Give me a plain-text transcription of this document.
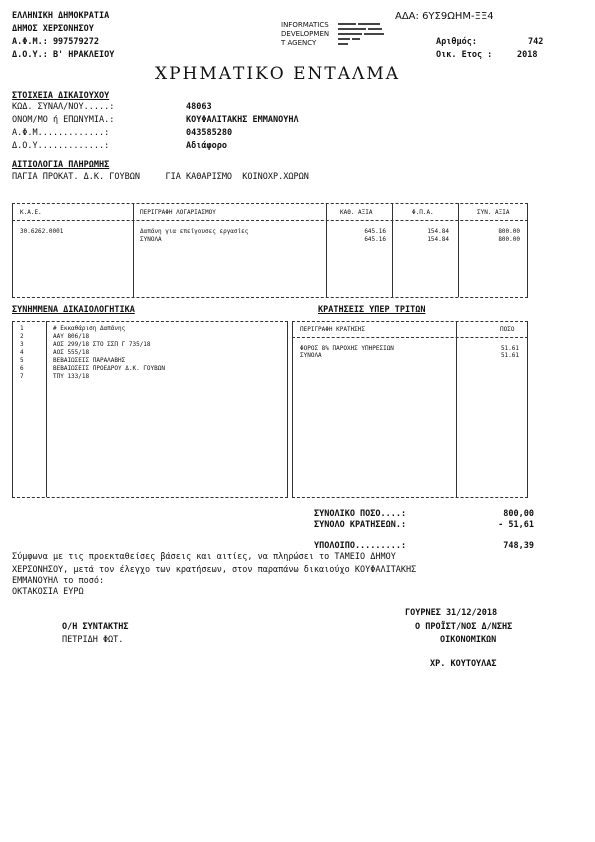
ΕΛΛΗΝΙΚΗ ΔΗΜΟΚΡΑΤΙΑ
ΔΗΜΟΣ ΧΕΡΣΟΝΗΣΟΥ
Α.Φ.Μ.: 997579272
Δ.Ο.Υ.: Β' ΗΡΑΚΛΕΙΟΥ
ΑΔΑ: 6ΥΣ9ΩΗΜ-ΞΞ4
INFORMATICS
DEVELOPMEN
T AGENCY	Αριθμός:	742
Οικ. Ετος :	2018
ΧΡΗΜΑΤΙΚΟ ΕΝΤΑΛΜΑ
ΣΤΟΙΧΕΙΑ ΔΙΚΑΙΟΥΧΟΥ
ΚΩΔ. ΣΥΝΑΛ/ΝΟΥ.....:	48063
ΟΝΟΜ/ΜΟ ή ΕΠΩΝΥΜΙΑ.:	ΚΟΥΦΑΛΙΤΑΚΗΣ ΕΜΜΑΝΟΥΗΛ
Α.Φ.Μ.............:	043585280
Δ.Ο.Υ.............:	Αδιάφορο
ΑΙΤΙΟΛΟΓΙΑ ΠΛΗΡΩΜΗΣ
ΠΑΓΙΑ ΠΡΟΚΑΤ. Δ.Κ. ΓΟΥΒΩΝ     ΓΙΑ ΚΑΘΑΡΙΣΜΟ  ΚΟΙΝΟΧΡ.ΧΩΡΩΝ
Κ.Α.Ε.	ΠΕΡΙΓΡΑΦΗ ΛΟΓΑΡΙΑΣΜΟΥ	ΚΑΘ. ΑΞΙΑ	Φ.Π.Α.	ΣΥΝ. ΑΞΙΑ
30.6262.0001	Δαπάνη για επείγουσες εργασίες	645.16	154.84	800.00
ΣΥΝΟΛΑ	645.16	154.84	800.00
ΣΥΝΗΜΜΕΝΑ ΔΙΚΑΙΟΛΟΓΗΤΙΚΑ
1	# Εκκαθάριση Δαπάνης
2	ΑΑΥ 806/18
3	ΑΟΣ 299/18 ΣΤΟ ΣΣΠ Γ 735/18
4	ΑΟΣ 555/18
5	ΒΕΒΑΙΩΣΕΙΣ ΠΑΡΑΛΑΒΗΣ
6	ΒΕΒΑΙΩΣΕΙΣ ΠΡΟΕΔΡΟΥ Δ.Κ. ΓΟΥΒΩΝ
7	ΤΠΥ 133/18
ΚΡΑΤΗΣΕΙΣ ΥΠΕΡ ΤΡΙΤΩΝ
ΠΕΡΙΓΡΑΦΗ ΚΡΑΤΗΣΗΣ	ΠΟΣΟ
ΦΟΡΟΣ 8% ΠΑΡΟΧΗΣ ΥΠΗΡΕΣΙΩΝ	51.61
ΣΥΝΟΛΑ	51.61
ΣΥΝΟΛΙΚΟ ΠΟΣΟ....:	800,00
ΣΥΝΟΛΟ ΚΡΑΤΗΣΕΩΝ.:	- 51,61
ΥΠΟΛΟΙΠΟ.........:	748,39
Σύμφωνα με τις προεκταθείσες βάσεις και αιτίες, να πληρώσει το ΤΑΜΕΙΟ ΔΗΜΟΥ
ΧΕΡΣΟΝΗΣΟΥ, μετά τον έλεγχο των κρατήσεων, στον παραπάνω δικαιούχο ΚΟΥΦΑΛΙΤΑΚΗΣ
ΕΜΜΑΝΟΥΗΛ το ποσό:
ΟΚΤΑΚΟΣΙΑ ΕΥΡΩ
ΓΟΥΡΝΕΣ 31/12/2018
Ο/Η ΣΥΝΤΑΚΤΗΣ
ΠΕΤΡΙΔΗ ΦΩΤ.
Ο ΠΡΟΪΣΤ/ΝΟΣ Δ/ΝΣΗΣ
ΟΙΚΟΝΟΜΙΚΩΝ
ΧΡ. ΚΟΥΤΟΥΛΑΣ
